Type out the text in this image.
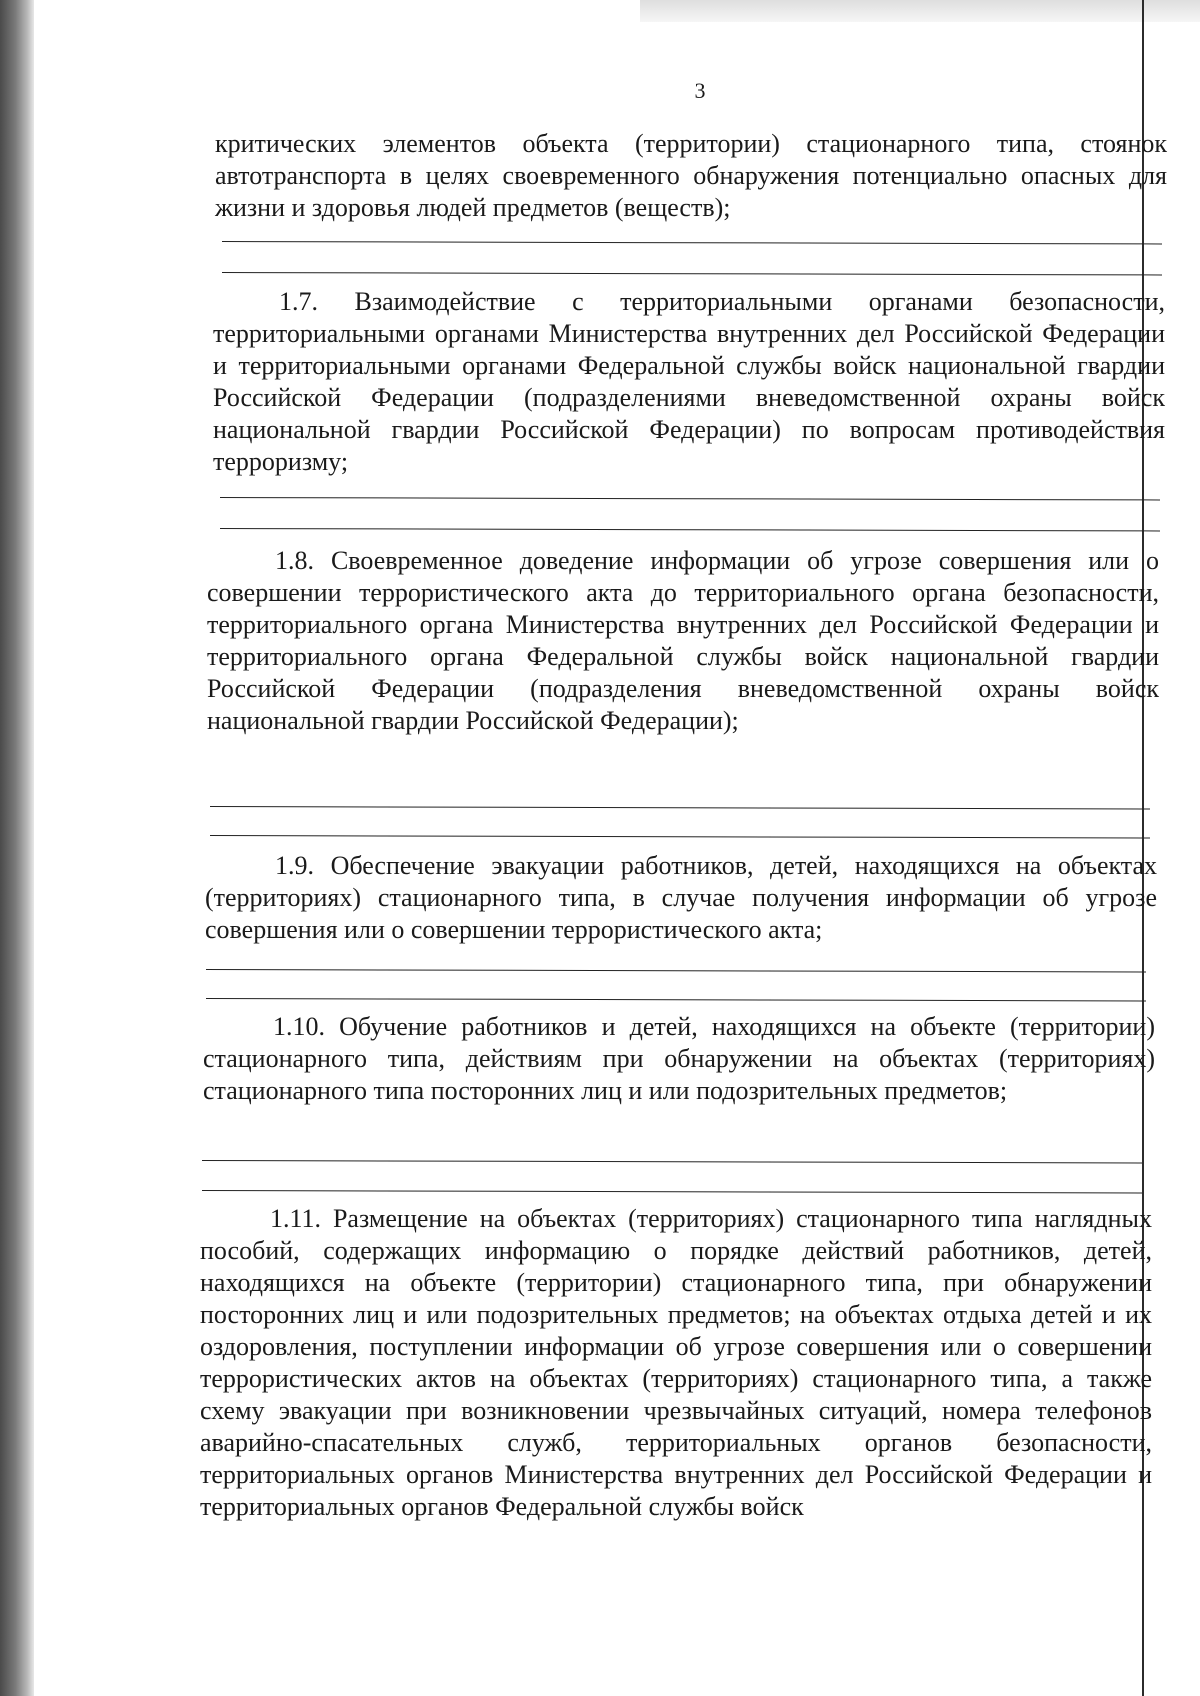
3
критических элементов объекта (территории) стационарного типа, стоянок автотранспорта в целях своевременного обнаружения потенциально опасных для жизни и здоровья людей предметов (веществ);
1.7. Взаимодействие с территориальными органами безопасности, территориальными органами Министерства внутренних дел Российской Федерации и территориальными органами Федеральной службы войск национальной гвардии Российской Федерации (подразделениями вневедомственной охраны войск национальной гвардии Российской Федерации) по вопросам противодействия терроризму;
1.8. Своевременное доведение информации об угрозе совершения или о совершении террористического акта до территориального органа безопасности, территориального органа Министерства внутренних дел Российской Федерации и территориального органа Федеральной службы войск национальной гвардии Российской Федерации (подразделения вневедомственной охраны войск национальной гвардии Российской Федерации);
1.9. Обеспечение эвакуации работников, детей, находящихся на объектах (территориях) стационарного типа, в случае получения информации об угрозе совершения или о совершении террористического акта;
1.10. Обучение работников и детей, находящихся на объекте (территории) стационарного типа, действиям при обнаружении на объектах (территориях) стационарного типа посторонних лиц и или подозрительных предметов;
1.11. Размещение на объектах (территориях) стационарного типа наглядных пособий, содержащих информацию о порядке действий работников, детей, находящихся на объекте (территории) стационарного типа, при обнаружении посторонних лиц и или подозрительных предметов; на объектах отдыха детей и их оздоровления, поступлении информации об угрозе совершения или о совершении террористических актов на объектах (территориях) стационарного типа, а также схему эвакуации при возникновении чрезвычайных ситуаций, номера телефонов аварийно-спасательных служб, территориальных органов безопасности, территориальных органов Министерства внутренних дел Российской Федерации и территориальных органов Федеральной службы войск
